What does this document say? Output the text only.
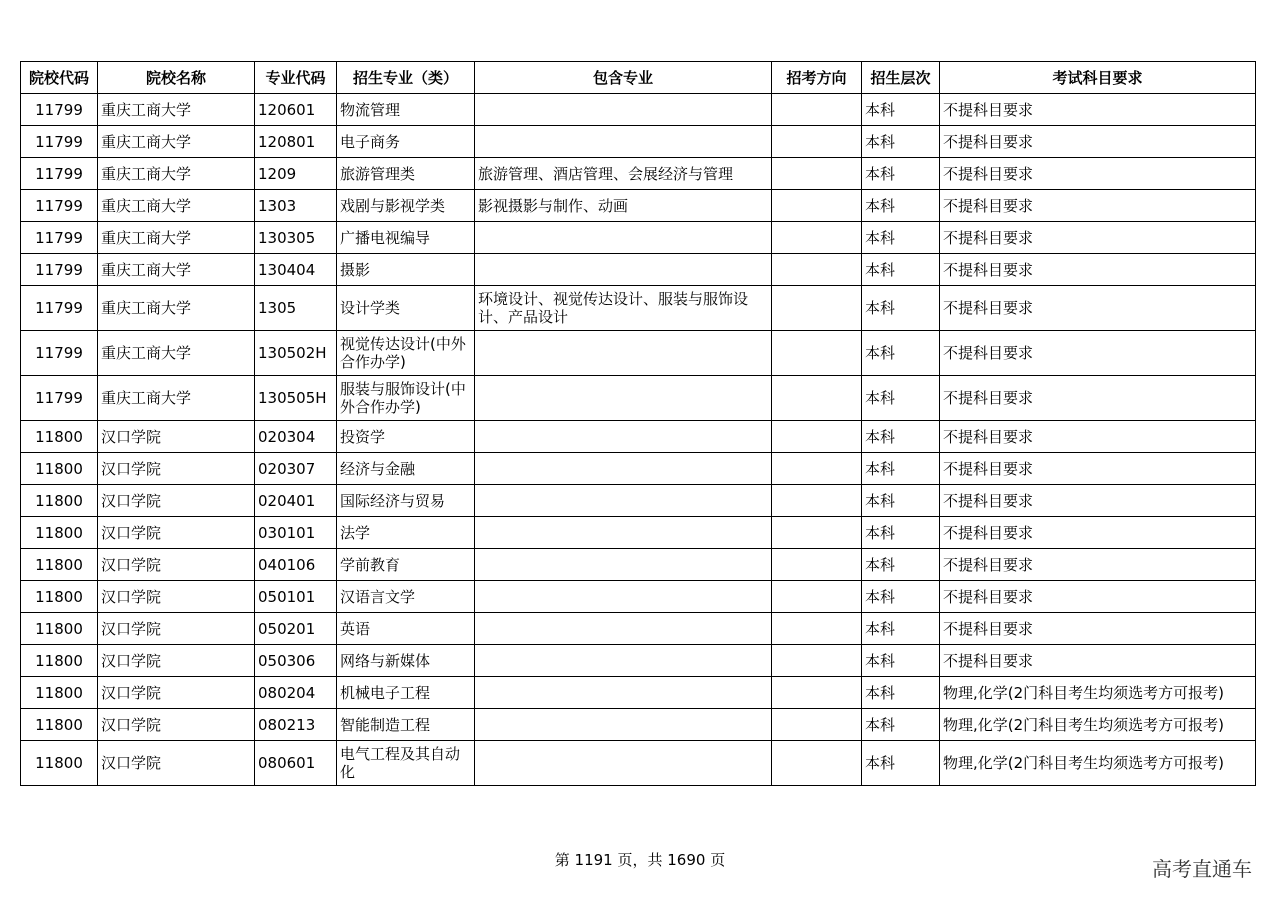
院校代码	院校名称	专业代码	招生专业（类）	包含专业	招考方向	招生层次	考试科目要求
11799	重庆工商大学	120601	物流管理			本科	不提科目要求
11799	重庆工商大学	120801	电子商务			本科	不提科目要求
11799	重庆工商大学	1209	旅游管理类	旅游管理、酒店管理、会展经济与管理		本科	不提科目要求
11799	重庆工商大学	1303	戏剧与影视学类	影视摄影与制作、动画		本科	不提科目要求
11799	重庆工商大学	130305	广播电视编导			本科	不提科目要求
11799	重庆工商大学	130404	摄影			本科	不提科目要求
11799	重庆工商大学	1305	设计学类	环境设计、视觉传达设计、服装与服饰设计、产品设计		本科	不提科目要求
11799	重庆工商大学	130502H	视觉传达设计(中外合作办学)			本科	不提科目要求
11799	重庆工商大学	130505H	服装与服饰设计(中外合作办学)			本科	不提科目要求
11800	汉口学院	020304	投资学			本科	不提科目要求
11800	汉口学院	020307	经济与金融			本科	不提科目要求
11800	汉口学院	020401	国际经济与贸易			本科	不提科目要求
11800	汉口学院	030101	法学			本科	不提科目要求
11800	汉口学院	040106	学前教育			本科	不提科目要求
11800	汉口学院	050101	汉语言文学			本科	不提科目要求
11800	汉口学院	050201	英语			本科	不提科目要求
11800	汉口学院	050306	网络与新媒体			本科	不提科目要求
11800	汉口学院	080204	机械电子工程			本科	物理,化学(2门科目考生均须选考方可报考)
11800	汉口学院	080213	智能制造工程			本科	物理,化学(2门科目考生均须选考方可报考)
11800	汉口学院	080601	电气工程及其自动化			本科	物理,化学(2门科目考生均须选考方可报考)
第 1191 页，共 1690 页	高考直通车
